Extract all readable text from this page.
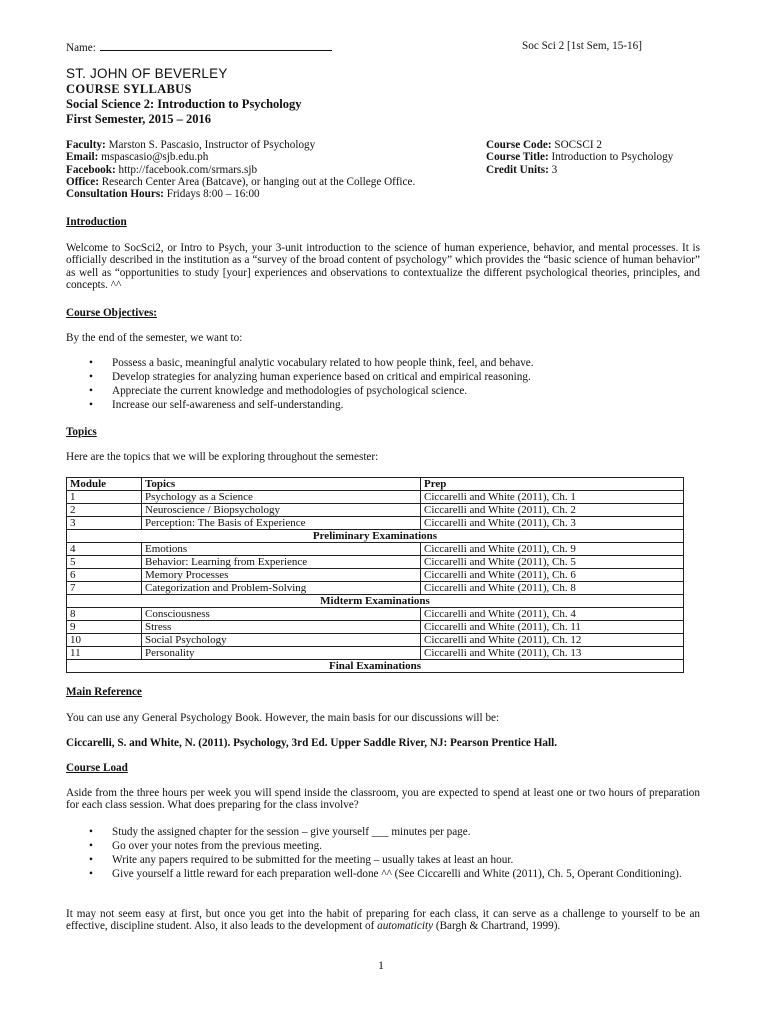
Name:	Soc Sci 2 [1st Sem, 15-16]
ST. JOHN OF BEVERLEY
COURSE SYLLABUS
Social Science 2: Introduction to Psychology
First Semester, 2015 – 2016
Faculty: Marston S. Pascasio, Instructor of Psychology
Email: mspascasio@sjb.edu.ph
Facebook: http://facebook.com/srmars.sjb
Office: Research Center Area (Batcave), or hanging out at the College Office.
Consultation Hours: Fridays 8:00 – 16:00
Course Code: SOCSCI 2
Course Title: Introduction to Psychology
Credit Units: 3
Introduction
Welcome to SocSci2, or Intro to Psych, your 3-unit introduction to the science of human experience, behavior, and mental processes. It is officially described in the institution as a “survey of the broad content of psychology” which provides the “basic science of human behavior” as well as “opportunities to study [your] experiences and observations to contextualize the different psychological theories, principles, and concepts. ^^
Course Objectives:
By the end of the semester, we want to:
• Possess a basic, meaningful analytic vocabulary related to how people think, feel, and behave.
• Develop strategies for analyzing human experience based on critical and empirical reasoning.
• Appreciate the current knowledge and methodologies of psychological science.
• Increase our self-awareness and self-understanding.
Topics
Here are the topics that we will be exploring throughout the semester:
Module	Topics	Prep
1	Psychology as a Science	Ciccarelli and White (2011), Ch. 1
2	Neuroscience / Biopsychology	Ciccarelli and White (2011), Ch. 2
3	Perception: The Basis of Experience	Ciccarelli and White (2011), Ch. 3
Preliminary Examinations		
4	Emotions	Ciccarelli and White (2011), Ch. 9
5	Behavior: Learning from Experience	Ciccarelli and White (2011), Ch. 5
6	Memory Processes	Ciccarelli and White (2011), Ch. 6
7	Categorization and Problem-Solving	Ciccarelli and White (2011), Ch. 8
Midterm Examinations		
8	Consciousness	Ciccarelli and White (2011), Ch. 4
9	Stress	Ciccarelli and White (2011), Ch. 11
10	Social Psychology	Ciccarelli and White (2011), Ch. 12
11	Personality	Ciccarelli and White (2011), Ch. 13
Final Examinations		
Main Reference
You can use any General Psychology Book. However, the main basis for our discussions will be:
Ciccarelli, S. and White, N. (2011). Psychology, 3rd Ed. Upper Saddle River, NJ: Pearson Prentice Hall.
Course Load
Aside from the three hours per week you will spend inside the classroom, you are expected to spend at least one or two hours of preparation for each class session. What does preparing for the class involve?
• Study the assigned chapter for the session – give yourself ___ minutes per page.
• Go over your notes from the previous meeting.
• Write any papers required to be submitted for the meeting – usually takes at least an hour.
• Give yourself a little reward for each preparation well-done ^^ (See Ciccarelli and White (2011), Ch. 5, Operant Conditioning).
It may not seem easy at first, but once you get into the habit of preparing for each class, it can serve as a challenge to yourself to be an effective, discipline student. Also, it also leads to the development of automaticity (Bargh & Chartrand, 1999).
1
